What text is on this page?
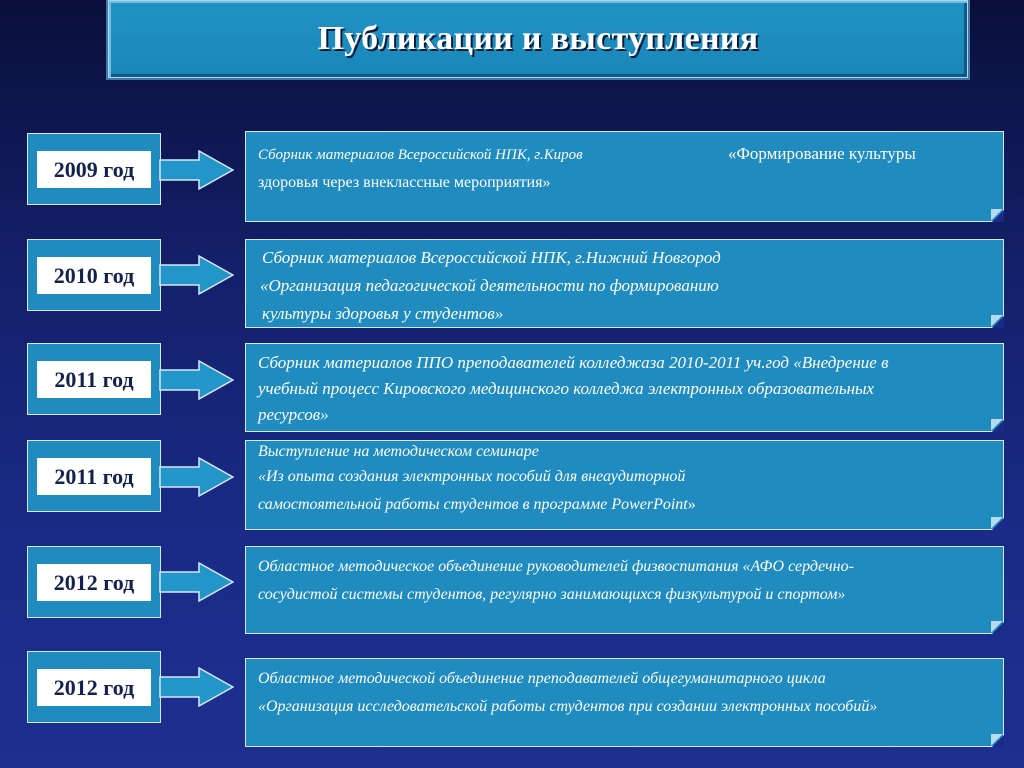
Публикации и выступления
2009 год
Сборник материалов Всероссийской НПК, г.Киров	«Формирование культуры
здоровья через внеклассные мероприятия»
2010 год
Сборник материалов Всероссийской НПК, г.Нижний Новгород
«Организация педагогической деятельности по формированию
культуры здоровья у студентов»
2011 год
Сборник материалов ППО преподавателей колледжаза 2010-2011 уч.год «Внедрение в
учебный процесс Кировского медицинского колледжа электронных образовательных
ресурсов»
2011 год
Выступление на методическом семинаре
«Из опыта создания электронных пособий для внеаудиторной
самостоятельной работы студентов в программе PowerPoint»
2012 год
Областное методическое объединение руководителей физвоспитания «АФО сердечно-
сосудистой системы студентов, регулярно занимающихся физкультурой и спортом»
2012 год	Областное методической объединение преподавателей общегуманитарного цикла
«Организация исследовательской работы студентов при создании электронных пособий»
